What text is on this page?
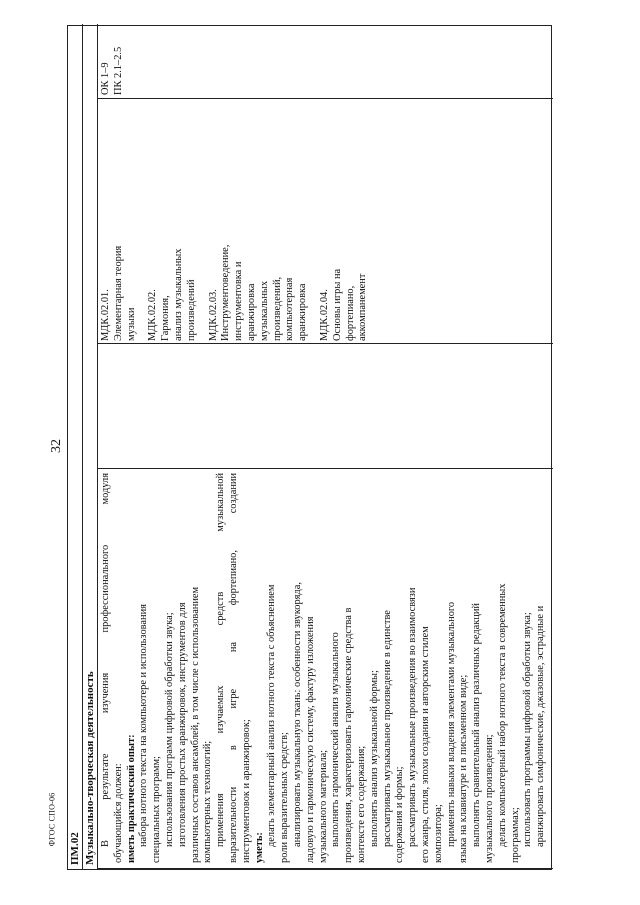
32
ФГОС СПО-06
ПМ.02 Музыкально-творческая деятельность В результате изучения профессионального модуля обучающийся должен: иметь практический опыт: набора нотного текста на компьютере и использования специальных программ; использования программ цифровой обработки звука; изготовления простых аранжировок, инструментов для различных составов ансамблей, в том числе с использованием компьютерных технологий; применения изучаемых средств музыкальной выразительности в игре на фортепиано, создании инструментовок и аранжировок; уметь:

делать элементарный анализ нотного текста с объяснением роли выразительных средств; анализировать музыкальную ткань: особенности звукоряда, ладовую и гармоническую систему, фактуру изложения музыкального материала; выполнять гармонический анализ музыкального произведения, характеризовать гармонические средства в контексте его содержания; выполнять анализ музыкальной формы; рассматривать музыкальное произведение в единстве содержания и формы; рассматривать музыкальные произведения во взаимосвязи его жанра, стиля, эпохи создания и авторским стилем композитора; применять навыки владения элементами музыкального языка на клавиатуре и в письменном виде; выполнять сравнительный анализ различных редакций музыкального произведения; делать компьютерный набор нотного текста в современных программах; использовать программы цифровой обработки звука; аранжировать симфонические, джазовые, эстрадные и

МДК.02.01. Элементарная теория музыки МДК.02.02. Гармония, анализ музыкальных произведений МДК.02.03. Инструментоведение, инструментовка и аранжировка музыкальных произведений, компьютерная аранжировка МДК.02.04. Основы игры на фортепиано, аккомпанемент
ОК 1–9 ПК 2.1–2.5
